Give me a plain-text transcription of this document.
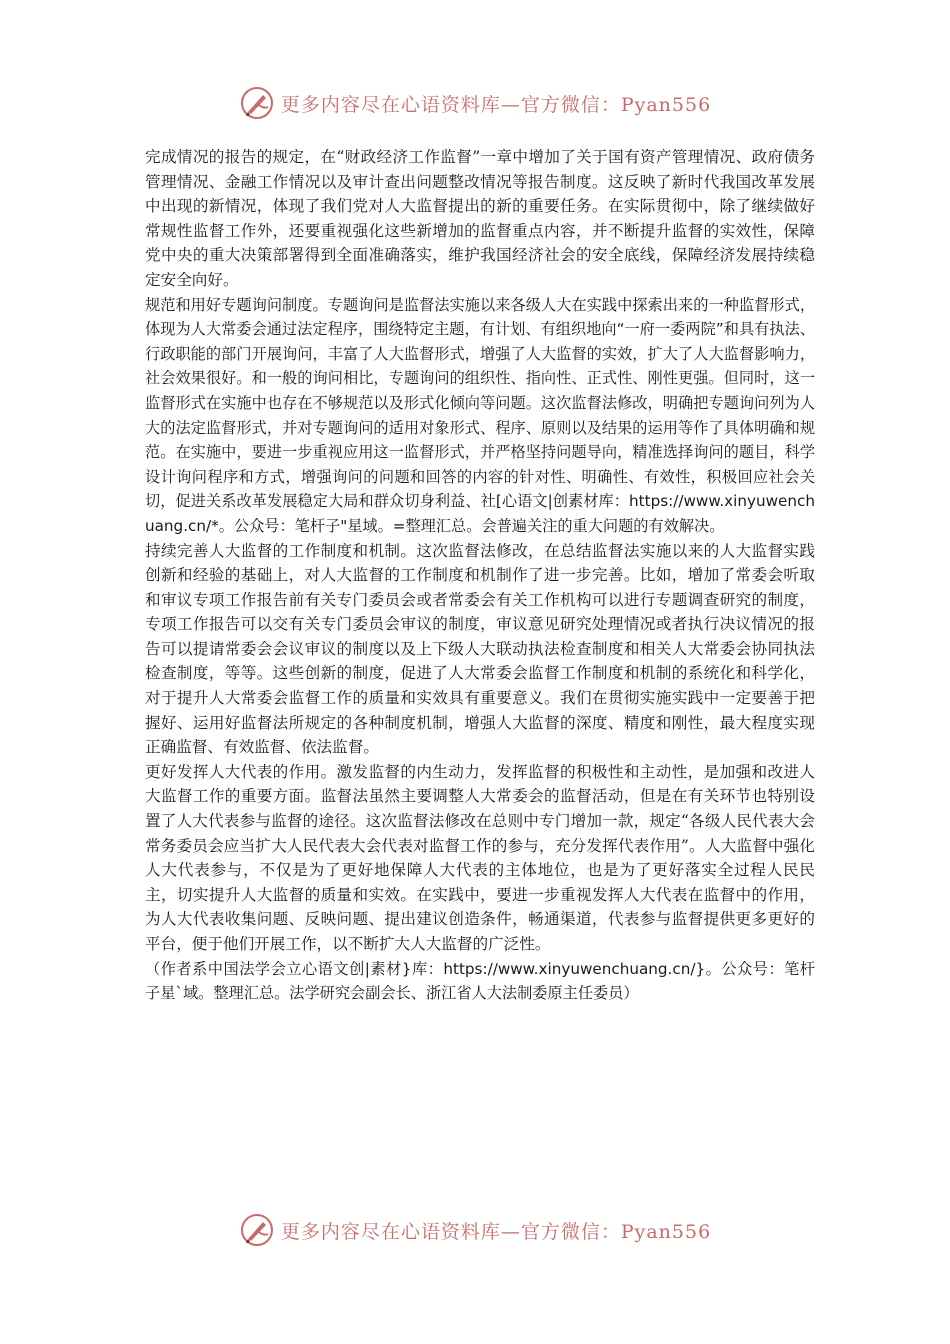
更多内容尽在心语资料库—官方微信：Pyan556

完成情况的报告的规定，在“财政经济工作监督”一章中增加了关于国有资产管理情况、政府债务管理情况、金融工作情况以及审计查出问题整改情况等报告制度。这反映了新时代我国改革发展中出现的新情况，体现了我们党对人大监督提出的新的重要任务。在实际贯彻中，除了继续做好常规性监督工作外，还要重视强化这些新增加的监督重点内容，并不断提升监督的实效性，保障党中央的重大决策部署得到全面准确落实，维护我国经济社会的安全底线，保障经济发展持续稳定安全向好。

规范和用好专题询问制度。专题询问是监督法实施以来各级人大在实践中探索出来的一种监督形式，体现为人大常委会通过法定程序，围绕特定主题，有计划、有组织地向“一府一委两院”和具有执法、行政职能的部门开展询问，丰富了人大监督形式，增强了人大监督的实效，扩大了人大监督影响力，社会效果很好。和一般的询问相比，专题询问的组织性、指向性、正式性、刚性更强。但同时，这一监督形式在实施中也存在不够规范以及形式化倾向等问题。这次监督法修改，明确把专题询问列为人大的法定监督形式，并对专题询问的适用对象形式、程序、原则以及结果的运用等作了具体明确和规范。在实施中，要进一步重视应用这一监督形式，并严格坚持问题导向，精准选择询问的题目，科学设计询问程序和方式，增强询问的问题和回答的内容的针对性、明确性、有效性，积极回应社会关切，促进关系改革发展稳定大局和群众切身利益、社[心语文|创素材库：https://www.xinyuwenchuang.cn/*。公众号：笔杆子"星域。=整理汇总。会普遍关注的重大问题的有效解决。

持续完善人大监督的工作制度和机制。这次监督法修改，在总结监督法实施以来的人大监督实践创新和经验的基础上，对人大监督的工作制度和机制作了进一步完善。比如，增加了常委会听取和审议专项工作报告前有关专门委员会或者常委会有关工作机构可以进行专题调查研究的制度，专项工作报告可以交有关专门委员会审议的制度，审议意见研究处理情况或者执行决议情况的报告可以提请常委会会议审议的制度以及上下级人大联动执法检查制度和相关人大常委会协同执法检查制度，等等。这些创新的制度，促进了人大常委会监督工作制度和机制的系统化和科学化，对于提升人大常委会监督工作的质量和实效具有重要意义。我们在贯彻实施实践中一定要善于把握好、运用好监督法所规定的各种制度机制，增强人大监督的深度、精度和刚性，最大程度实现正确监督、有效监督、依法监督。

更好发挥人大代表的作用。激发监督的内生动力，发挥监督的积极性和主动性，是加强和改进人大监督工作的重要方面。监督法虽然主要调整人大常委会的监督活动，但是在有关环节也特别设置了人大代表参与监督的途径。这次监督法修改在总则中专门增加一款，规定“各级人民代表大会常务委员会应当扩大人民代表大会代表对监督工作的参与，充分发挥代表作用”。人大监督中强化人大代表参与，不仅是为了更好地保障人大代表的主体地位，也是为了更好落实全过程人民民主，切实提升人大监督的质量和实效。在实践中，要进一步重视发挥人大代表在监督中的作用，为人大代表收集问题、反映问题、提出建议创造条件，畅通渠道，代表参与监督提供更多更好的平台，便于他们开展工作，以不断扩大人大监督的广泛性。

（作者系中国法学会立心语文创|素材}库：https://www.xinyuwenchuang.cn/}。公众号：笔杆子星`域。整理汇总。法学研究会副会长、浙江省人大法制委原主任委员）

更多内容尽在心语资料库—官方微信：Pyan556
